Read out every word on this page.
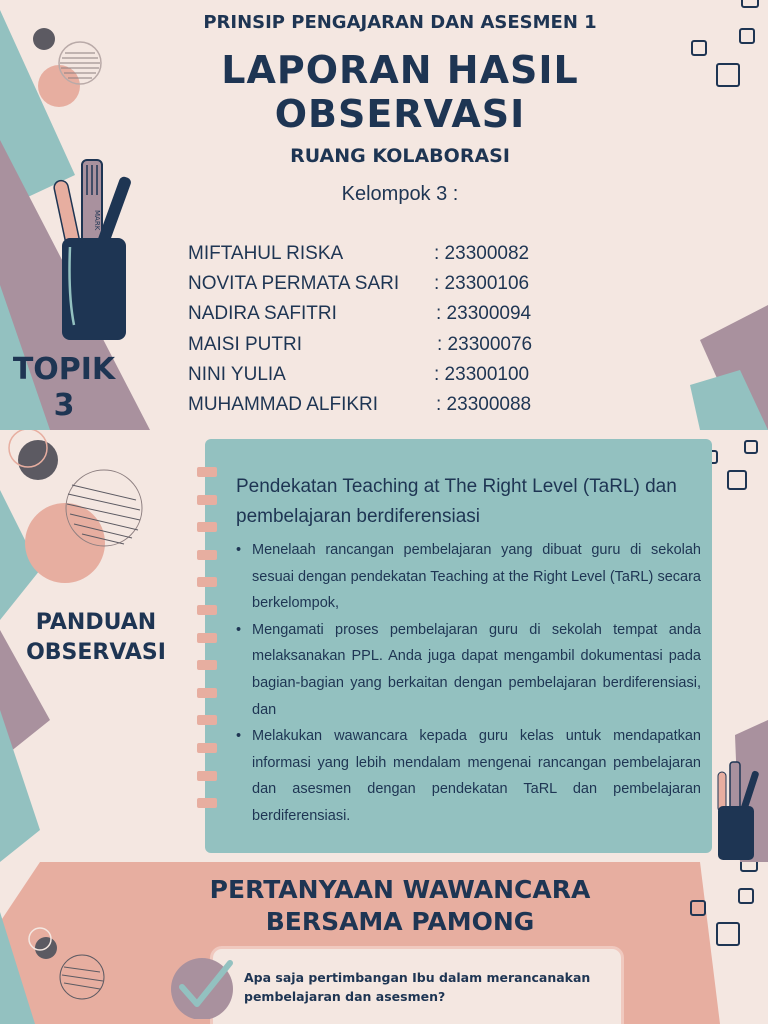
MARK
TOPIK
3
PRINSIP PENGAJARAN DAN ASESMEN 1
LAPORAN HASIL
OBSERVASI
RUANG KOLABORASI
Kelompok 3 :
MIFTAHUL RISKA	: 23300082
NOVITA PERMATA SARI : 23300106
NADIRA SAFITRI	: 23300094
MAISI PUTRI	: 23300076
NINI YULIA	: 23300100
MUHAMMAD ALFIKRI	: 23300088
PANDUAN
OBSERVASI
Pendekatan Teaching at The Right Level (TaRL) dan pembelajaran berdiferensiasi
• Menelaah rancangan pembelajaran yang dibuat guru di sekolah sesuai dengan pendekatan Teaching at the Right Level (TaRL) secara berkelompok,
• Mengamati proses pembelajaran guru di sekolah tempat anda melaksanakan PPL. Anda juga dapat mengambil dokumentasi pada bagian-bagian yang berkaitan dengan pembelajaran berdiferensiasi, dan
• Melakukan wawancara kepada guru kelas untuk mendapatkan informasi yang lebih mendalam mengenai rancangan pembelajaran dan asesmen dengan pendekatan TaRL dan pembelajaran berdiferensiasi.
PERTANYAAN WAWANCARA
BERSAMA PAMONG
Apa saja pertimbangan Ibu dalam merancanakan pembelajaran dan asesmen?
